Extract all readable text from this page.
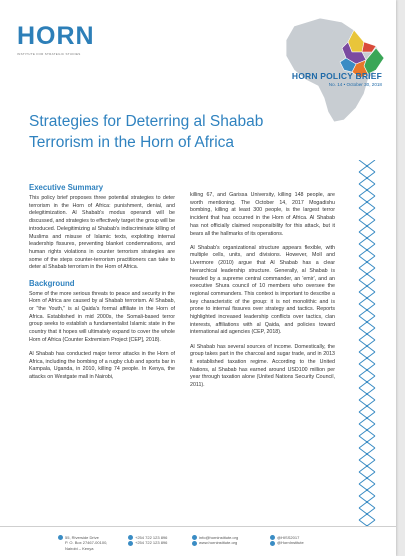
HORN
INSTITUTE FOR STRATEGIC STUDIES
HORN POLICY BRIEF
No. 14 • October 30, 2018
Strategies for Deterring al Shabab Terrorism in the Horn of Africa
Executive Summary

This policy brief proposes three potential strategies to deter terrorism in the Horn of Africa: punishment, denial, and delegitimization. Al Shabab's modus operandi will be discussed, and strategies to effectively target the group will be introduced. Delegitimizing al Shabab's indiscriminate killing of Muslims and misuse of Islamic texts, exploiting internal leadership fissures, preventing blanket condemnations, and human rights violations in counter terrorism strategies are some of the steps counter-terrorism practitioners can take to deter al Shabab terrorism in the Horn of Africa.

Background

Some of the more serious threats to peace and security in the Horn of Africa are caused by al Shabab terrorism. Al Shabab, or "the Youth," is al Qaida's formal affiliate in the Horn of Africa. Established in mid 2000s, the Somali-based terror group seeks to establish a fundamentalist Islamic state in the country that it hopes will ultimately expand to cover the whole Horn of Africa (Counter Extremism Project [CEP], 2018).

Al Shabab has conducted major terror attacks in the Horn of Africa, including the bombing of a rugby club and sports bar in Kampala, Uganda, in 2010, killing 74 people. In Kenya, the attacks on Westgate mall in Nairobi,

killing 67, and Garissa University, killing 148 people, are worth mentioning. The October 14, 2017 Mogadishu bombing, killing at least 300 people, is the largest terror incident that has occurred in the Horn of Africa. Al Shabab has not officially claimed responsibility for this attack, but it bears all the hallmarks of its operations.

Al Shabab's organizational structure appears flexible, with multiple cells, units, and divisions. However, Moll and Livermore (2010) argue that Al Shabab has a clear hierarchical leadership structure. Generally, al Shabab is headed by a supreme central commander, an 'emir', and an executive Shura council of 10 members who oversee the regional commanders. This context is important to describe a key characteristic of the group: it is not monolithic and is prone to internal fissures over strategy and tactics. Reports highlighted increased leadership conflicts over tactics, clan interests, affiliations with al Qaida, and policies toward international aid agencies (CEP, 2018).

Al Shabab has several sources of income. Domestically, the group takes part in the charcoal and sugar trade, and in 2013 it established taxation regime. According to the United Nations, al Shabab has earned around USD100 million per year through taxation alone (United Nations Security Council, 2011).

55, Riverside Drive
P. O. Box 27467-00100,
Nairobi – Kenya
+254 722 123 896
+254 722 123 896
info@horninstitute.org
www.horninstitute.org
@HISS2017
@HornInstitute
